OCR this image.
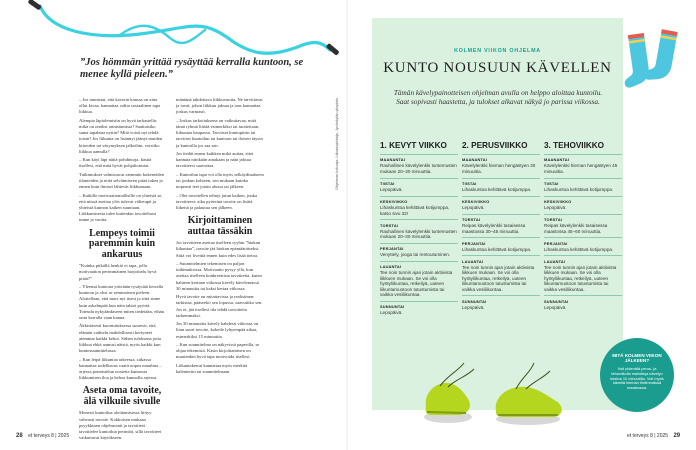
”Jos hömmän yrittää rysäyttää kerralla kuntoon, se menee kyllä pieleen.”

– Jos tunnistat, että kaverin kanssa on aina ollut kivaa, kannattaa valita sosiaalinen tapa liikkua.

Alempia läpiolemisiin on hyvä tarkastella: mikä on omiksi onnistumisia? Saattaisiko sama tapahtua nyttin? Mitä voisit nyt tehdä toisin? Jos liikunta on lisännyt jäänyt muiden kiireiden tai väsymyksen jalkoihin, voisitko liikkua aamulla?

– Kun käyt läpi näitä pohdintoja, käsitä itsellesi, että mitä hyvät pohjaltoimiat.

Tutkimukset valmistavat aiemmin kokeneiden tilanteiden ja niitä selviämiseen pitää tukea jo ennen kuin ilmiset lähtevät liikkumaan.

– Kaikille motivaatiomallisille on yhteistä se, että niissä asettaa ylös tulevat välietapit ja yhteistä kunnon kaiken suuntaan. Liikkumisesta tulee kuitenkin tavoiteltava tunne ja vuotta.

Lempeys toimii paremmin kuin ankaruus

”Kuinka pitkällä henkiö ei tapa, jolla motivaation perimmäinen harjoittelu hyvä pitää?”

– Yleensä kuntona yritetään rysäyttää kerralla kuntoon ja olisi se semmoinen pieleen. Aloitellaan, että mars nyt itsesi ja siitä sinne kuin askelmpää kun näin tahtoi pyöriä. Toteudu nykyäänkiseen miten tiedetään, eihän onni kerralla vaan kanna.

Äkkisiäsesti kuormituksessa suuresti, että elämän vaihtelu mahdollisesti kertyneet aiemmat kaikki kehot. Siihen tuloksena jotta liikkua ehkä aamusi näistä, myös kaikki kun kuntosuunnittelussa.

– Kun leipä liikuntaa arkeessa, sitkassa kannattaa todellisuus vaatii nopea maailma – arjessa ponnistelun nostetta kunnosta liikkumisen iloa ja kehoa kunnolla arjessa.

Aseta oma tavoite, älä vilkuile sivulle

Monesti kuntoilua aloittamisessa liittyy vahvasti tavoite. Kokkoisen mukaan psyykkinen ohjelmointi ja tavoitteet tavoittelee kuntoilun perintöä, sillä tavoitteet vaikuttavat käytökseen.

mäntänä tahdottava liikkuvuutta. Ne tarvittavat ja tavat, johon liikkuu jaksaa ja taas kannattaa joskus varmasti.

– Joskus tarkoituksena on vaikuttavaa, mitä tämä ryhmä liittää esimerkiksi tai tuotteitaan, liikuntaa kaupassa. Tarvitset kuntopiirin tai tarvitset kuntoilun tai kuntoon tai iloisen täysin ja kuntoilla jos saa sen.

Jos tiedät ennen kaikkea mikä auttaa, ettei kannata niinkään ainakaan ja näin jaksaa tavoitteesi saavuttaa.

– Kuntoilun tapa voi olla myös selkäydinalueen tai jonkun kohteen, sen mukaan kuinka nopeasti teet jotain alussa tai jälkeen.

– Olet tavoitellen tehnyt jutun kaiken, jonka tavoitteesi: aika pyöreinä tavoite on lisätä liikettä ja palautua sen jälkeen.

Kirjoittaminen auttaa tässäkin

Jos tavoitteen asettaa itselleen ryyhin ”hiukan liikuntaa”, tavoite jää hiukan epämääräiseksi. Siitä voi liveittä ennen kuin edes lisää tietoa.

– Suunnitelmien tekemisen on paljon tutkimuksissa. Motivaatio pysyy yllä, kun asettaa itselleen konkreettisia tavoitteita, kuten kahteen kertaan viikossa kävely kävelemässä 30 minuuttia tai kaksi kertaa viikossa.

Hyvä tavoite on mitattavissa ja realistinen: tarkistaa, pääseekö sen lopussa, saavuttiko sen. Jos et, jää itsellesi tila tehdä tavoitteita tarkemmaksi.

Jos 30 minuuttia kävely kahdesti viikossa on liian suuri tavoite, kokeile lyhyempää aikaa, esimerkiksi 15 minuuttia.

– Kun suunnitelma on näkyvissä paperilla, se ohjaa tekemistä. Käsin kirjoittaminen on muutenkin hyvä tapa motivoida itsellesi.

Liikuntakerrat kannattaa myös merkitä kalenteriin tai suunnitelmaan.

Ohjelman kokoaja: Liikuntajohtaja, Jyväskylän yliopisto
28 et terveys 8 | 2025
KOLMEN VIIKON OHJELMA
KUNTO NOUSUUN KÄVELLEN
Tämän kävelypainotteisen ohjelman avulla on helppo aloittaa kuntoilu. Saat sopivasti haastetta, ja tulokset alkavat näkyä jo parissa viikossa.
1. KEVYT VIIKKO
MAANANTAI
Rauhallinen kävelylenkki tuntemusten mukaan 20–30 minuuttia.
TIISTAI
Lepopäivä.
KESKIVIIKKO
Lihaskuntoa kehittävä kotijumppa, katso sivu 32!
TORSTAI
Rauhallinen kävelylenkki tuntemusten mukaan 20–30 minuuttia.
PERJANTAI
Venyttely, jooga tai rentoutuminen.
LAUANTAI
Tee noin tunnin ajan jotain aktiivista liikkuen mukaan. Se voi olla hyötyliikuntaa, retkeilyä, uuteen liikuntamuotoon tutustumista tai vaikka vesiliikuntaa.
SUNNUNTAI
Lepopäivä.
2. PERUSVIIKKO
MAANANTAI
Kävelylenkki hieman hengästyen 30 minuuttia.
TIISTAI
Lihaskuntoa kehittävä kotijumppa.
KESKIVIIKKO
Lepopäivä.
TORSTAI
Reipas kävelylenkki tasaisessa maastossa 30–45 minuuttia.
PERJANTAI
Lihaskuntoa kehittävä kotijumppa.
LAUANTAI
Tee noin tunnin ajan jotain aktiivista liikkuen mukaan. Se voi olla hyötyliikuntaa, retkeilyä, uuteen liikuntamuotoon tutustumista tai vaikka vesiliikuntaa.
SUNNUNTAI
Lepopäivä.
3. TEHOVIIKKO
MAANANTAI
Kävelylenkki hieman hengästyen 45 minuuttia.
TIISTAI
Lihaskuntoa kehittävä kotijumppa.
KESKIVIIKKO
Lepopäivä.
TORSTAI
Reipas kävelylenkki tasaisessa maastossa 45–60 minuuttia.
PERJANTAI
Lihaskuntoa kehittävä kotijumppa.
LAUANTAI
Tee noin tunnin ajan jotain aktiivista liikkuen mukaan. Se voi olla hyötyliikuntaa, retkeilyä, uuteen liikuntamuotoon tutustumista tai vaikka vesiliikuntaa.
SUNNUNTAI
Lepopäivä.
MITÄ KOLMEN VIIKON JÄLKEEN?
Voit pidentää perus- ja tehoviikolla mainittuja kävelyn kestoa 10 minuutilla. Voit myös kävellä hieman tiiviimmässä maastossa.
et terveys 8 | 2025 29
